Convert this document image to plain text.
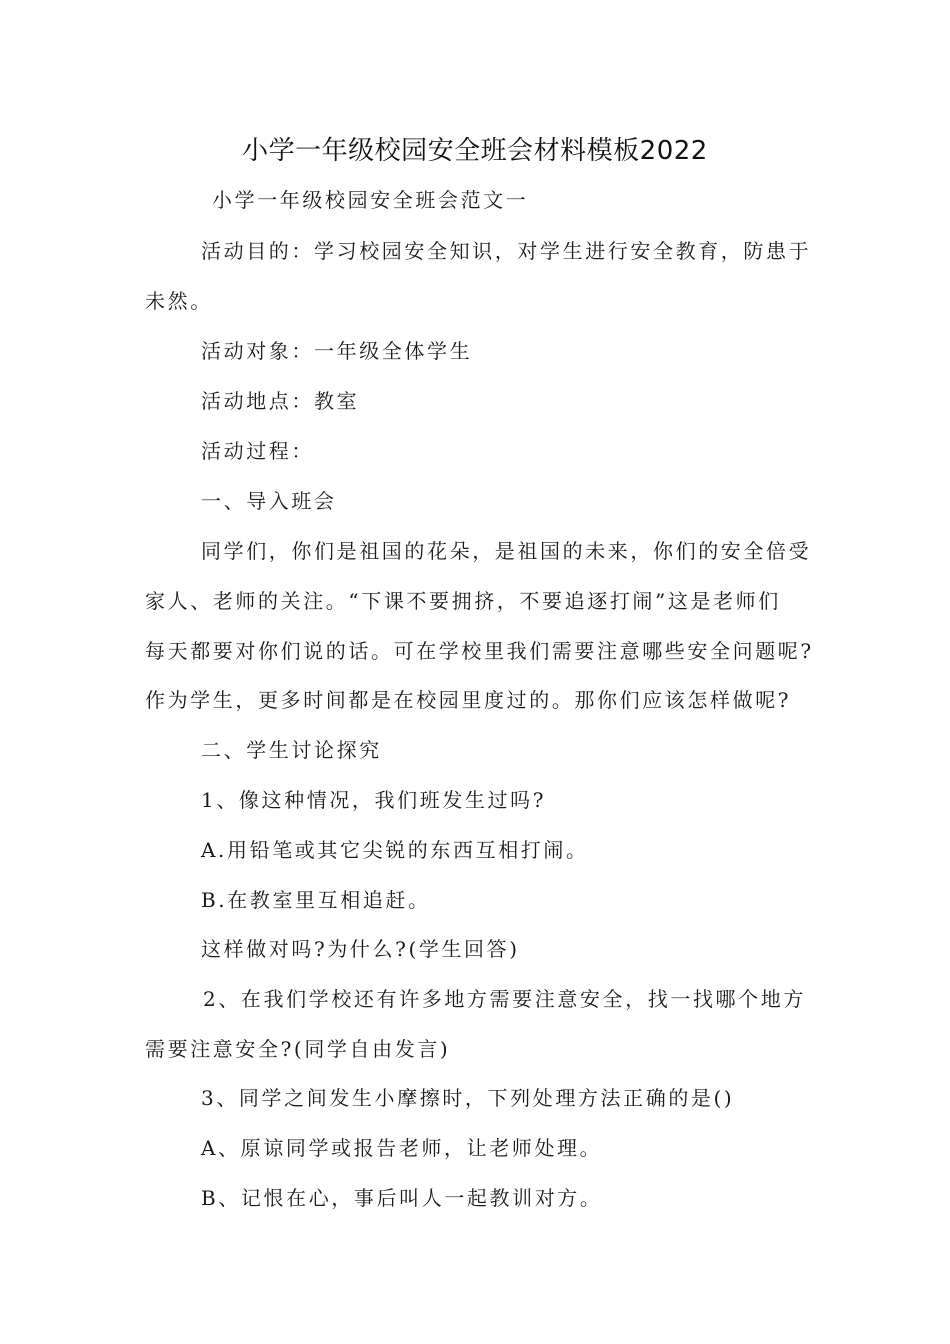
小学一年级校园安全班会材料模板2022
小学一年级校园安全班会范文一
活动目的：学习校园安全知识，对学生进行安全教育，防患于
未然。
活动对象：一年级全体学生
活动地点：教室
活动过程：
一、导入班会
同学们，你们是祖国的花朵，是祖国的未来，你们的安全倍受
家人、老师的关注。“下课不要拥挤，不要追逐打闹”这是老师们
每天都要对你们说的话。可在学校里我们需要注意哪些安全问题呢?
作为学生，更多时间都是在校园里度过的。那你们应该怎样做呢?
二、学生讨论探究
1、像这种情况，我们班发生过吗?
A.用铅笔或其它尖锐的东西互相打闹。
B.在教室里互相追赶。
这样做对吗?为什么?(学生回答)
2、在我们学校还有许多地方需要注意安全，找一找哪个地方
需要注意安全?(同学自由发言)
3、同学之间发生小摩擦时，下列处理方法正确的是()
A、原谅同学或报告老师，让老师处理。
B、记恨在心，事后叫人一起教训对方。
